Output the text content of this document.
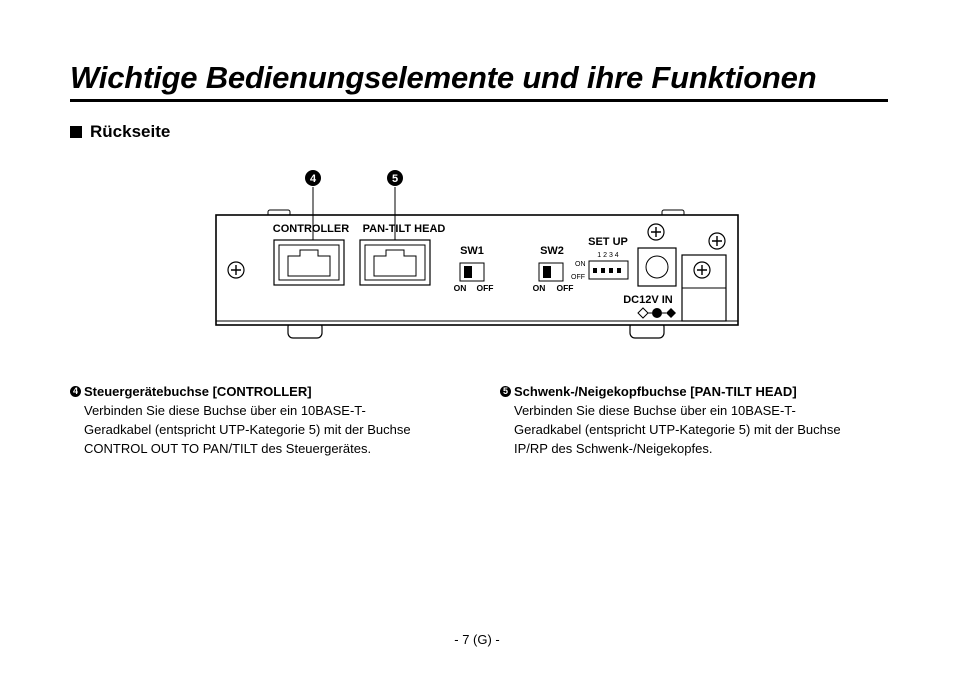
Wichtige Bedienungselemente und ihre Funktionen
Rückseite
4	5
CONTROLLER PAN-TILT HEAD
SW1
ON OFF
SW2
ON OFF
SET UP
1 2 3 4
ON
OFF
DC12V IN
4 Steuergerätebuchse [CONTROLLER]
Verbinden Sie diese Buchse über ein 10BASE-T-
Geradkabel (entspricht UTP-Kategorie 5) mit der Buchse
CONTROL OUT TO PAN/TILT des Steuergerätes.
5 Schwenk-/Neigekopfbuchse [PAN-TILT HEAD]
Verbinden Sie diese Buchse über ein 10BASE-T-
Geradkabel (entspricht UTP-Kategorie 5) mit der Buchse
IP/RP des Schwenk-/Neigekopfes.
- 7 (G) -
